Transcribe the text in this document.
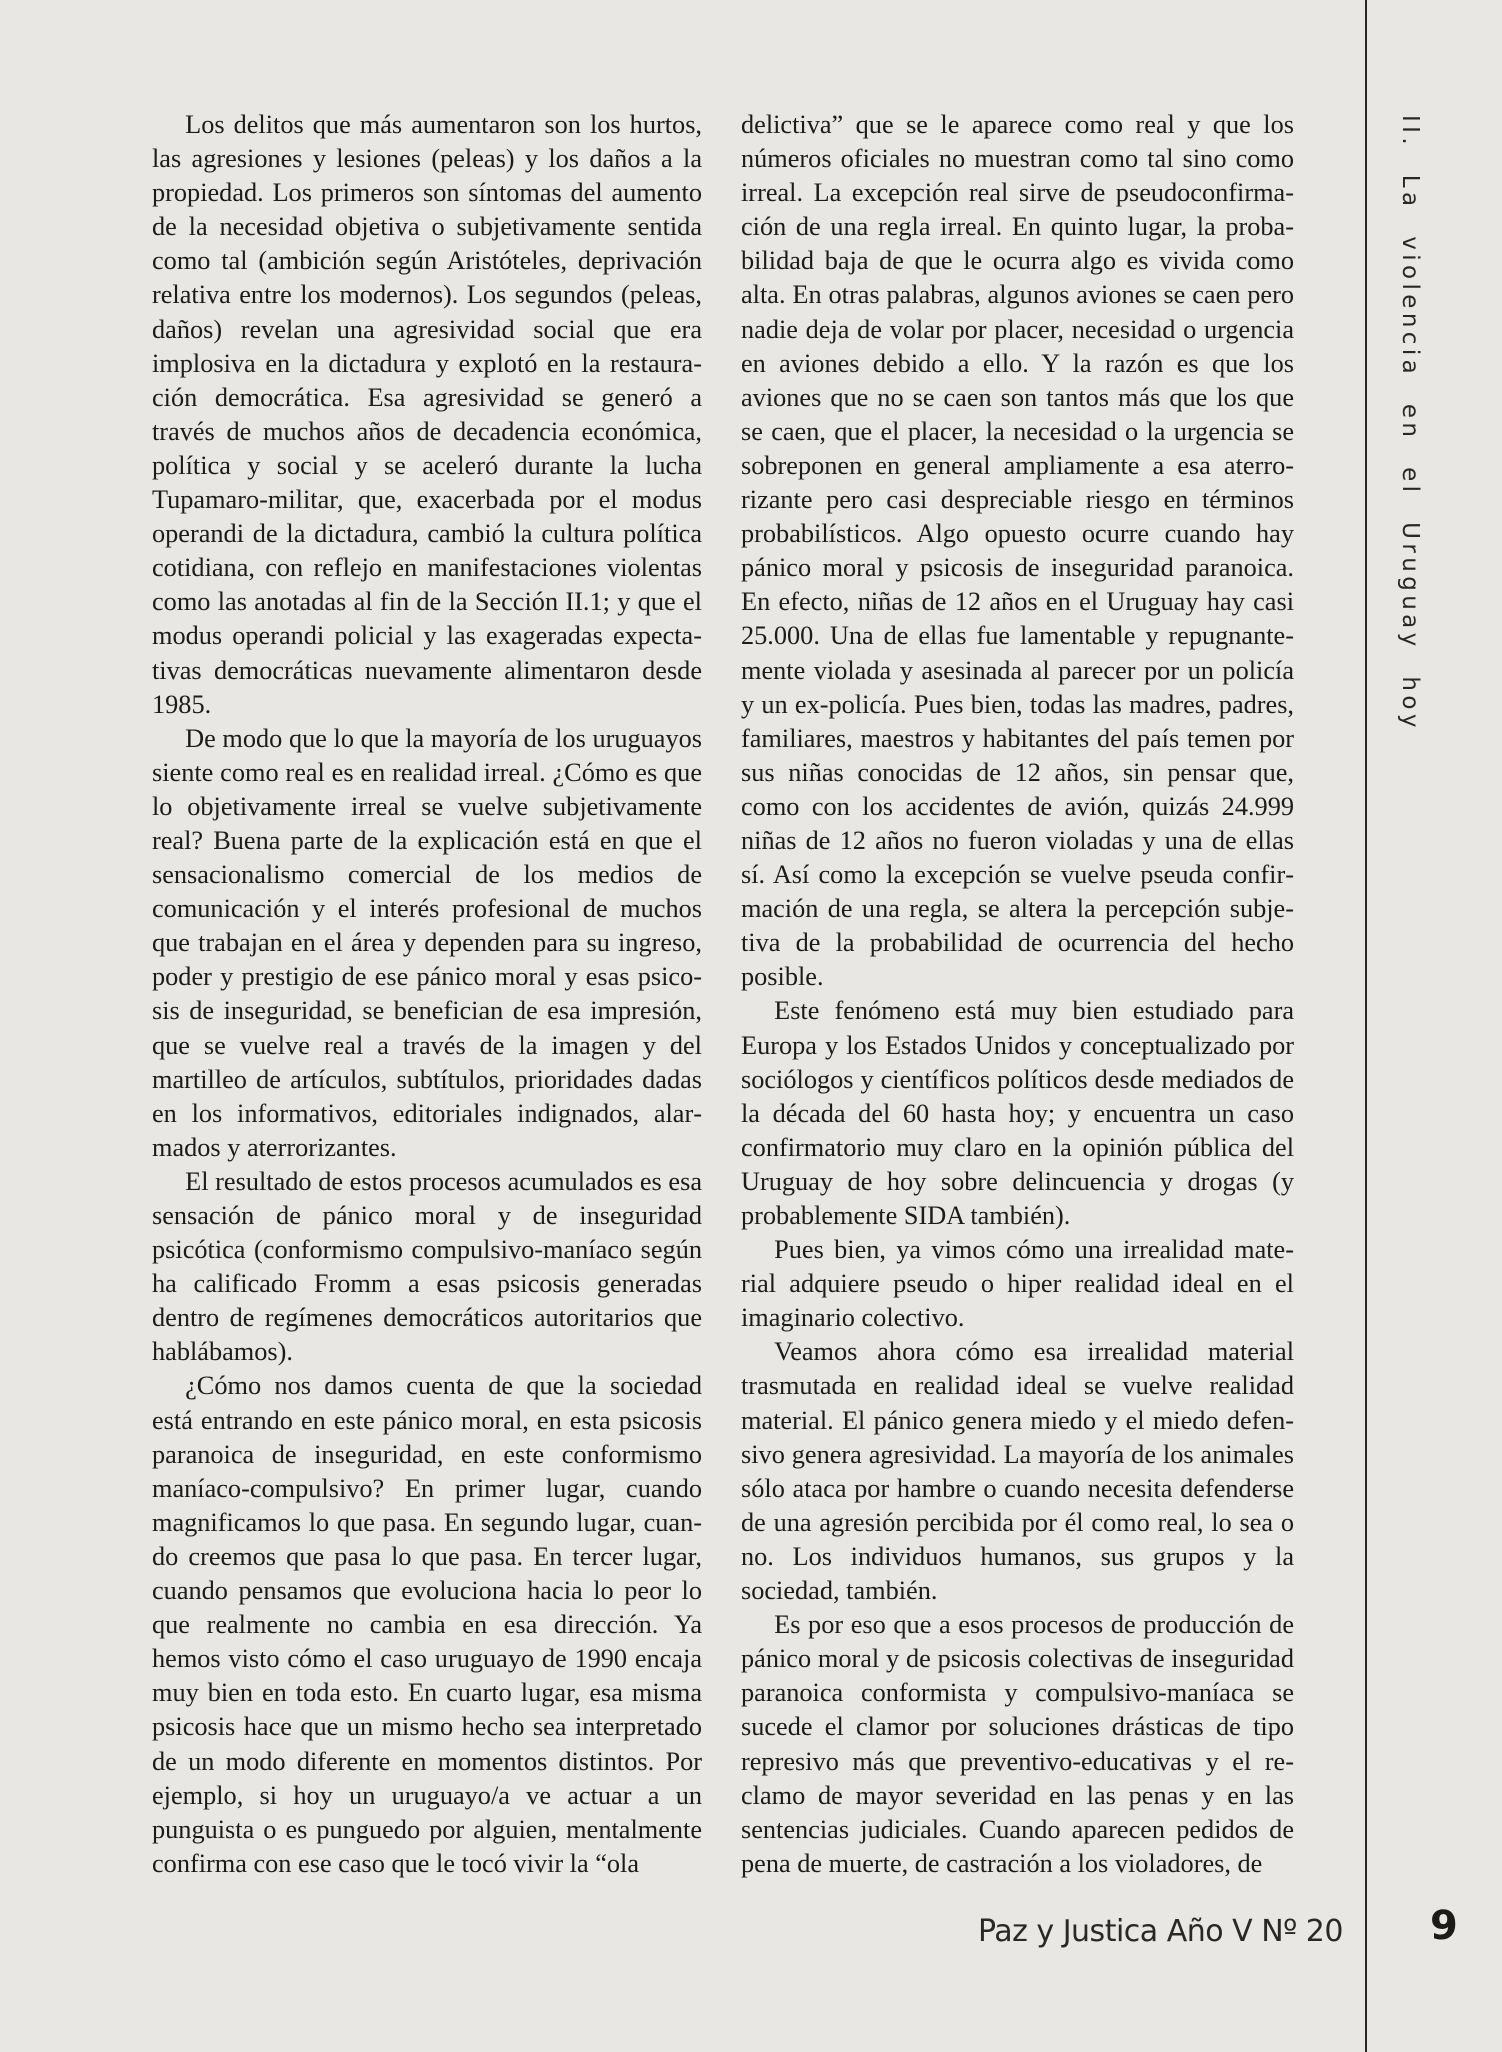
Los delitos que más aumentaron son los hurtos, las agresiones y lesiones (peleas) y los daños a la propiedad. Los primeros son síntomas del aumento de la necesidad objetiva o subjetivamente sentida como tal (ambición según Aristóteles, deprivación relativa entre los modernos). Los segundos (peleas, daños) revelan una agresividad social que era implosiva en la dictadura y explotó en la restauración democrática. Esa agresividad se generó a través de muchos años de decadencia económica, política y social y se aceleró durante la lucha Tupamaro-militar, que, exacerbada por el modus operandi de la dictadura, cambió la cultura política cotidiana, con reflejo en manifestaciones violentas como las anotadas al fin de la Sección II.1; y que el modus operandi policial y las exageradas expectativas democráticas nuevamente alimentaron desde 1985.

De modo que lo que la mayoría de los uruguayos siente como real es en realidad irreal. ¿Cómo es que lo objetivamente irreal se vuelve subjetivamente real? Buena parte de la explicación está en que el sensacionalismo comercial de los medios de comunicación y el interés profesional de muchos que trabajan en el área y dependen para su ingreso, poder y prestigio de ese pánico moral y esas psicosis de inseguridad, se benefician de esa impresión, que se vuelve real a través de la imagen y del martilleo de artículos, subtítulos, prioridades dadas en los informativos, editoriales indignados, alarmados y aterrorizantes.

El resultado de estos procesos acumulados es esa sensación de pánico moral y de inseguridad psicótica (conformismo compulsivo-maníaco según ha calificado Fromm a esas psicosis generadas dentro de regímenes democráticos autoritarios que hablábamos).

¿Cómo nos damos cuenta de que la sociedad está entrando en este pánico moral, en esta psicosis paranoica de inseguridad, en este conformismo maníaco-compulsivo? En primer lugar, cuando magnificamos lo que pasa. En segundo lugar, cuando creemos que pasa lo que pasa. En tercer lugar, cuando pensamos que evoluciona hacia lo peor lo que realmente no cambia en esa dirección. Ya hemos visto cómo el caso uruguayo de 1990 encaja muy bien en toda esto. En cuarto lugar, esa misma psicosis hace que un mismo hecho sea interpretado de un modo diferente en momentos distintos. Por ejemplo, si hoy un uruguayo/a ve actuar a un punguista o es punguedo por alguien, mentalmente confirma con ese caso que le tocó vivir la “ola

delictiva” que se le aparece como real y que los números oficiales no muestran como tal sino como irreal. La excepción real sirve de pseudoconfirmación de una regla irreal. En quinto lugar, la probabilidad baja de que le ocurra algo es vivida como alta. En otras palabras, algunos aviones se caen pero nadie deja de volar por placer, necesidad o urgencia en aviones debido a ello. Y la razón es que los aviones que no se caen son tantos más que los que se caen, que el placer, la necesidad o la urgencia se sobreponen en general ampliamente a esa aterrorizante pero casi despreciable riesgo en términos probabilísticos. Algo opuesto ocurre cuando hay pánico moral y psicosis de inseguridad paranoica. En efecto, niñas de 12 años en el Uruguay hay casi 25.000. Una de ellas fue lamentable y repugnantemente violada y asesinada al parecer por un policía y un ex-policía. Pues bien, todas las madres, padres, familiares, maestros y habitantes del país temen por sus niñas conocidas de 12 años, sin pensar que, como con los accidentes de avión, quizás 24.999 niñas de 12 años no fueron violadas y una de ellas sí. Así como la excepción se vuelve pseuda confirmación de una regla, se altera la percepción subjetiva de la probabilidad de ocurrencia del hecho posible.

Este fenómeno está muy bien estudiado para Europa y los Estados Unidos y conceptualizado por sociólogos y científicos políticos desde mediados de la década del 60 hasta hoy; y encuentra un caso confirmatorio muy claro en la opinión pública del Uruguay de hoy sobre delincuencia y drogas (y probablemente SIDA también).

Pues bien, ya vimos cómo una irrealidad material adquiere pseudo o hiper realidad ideal en el imaginario colectivo.

Veamos ahora cómo esa irrealidad material trasmutada en realidad ideal se vuelve realidad material. El pánico genera miedo y el miedo defensivo genera agresividad. La mayoría de los animales sólo ataca por hambre o cuando necesita defenderse de una agresión percibida por él como real, lo sea o no. Los individuos humanos, sus grupos y la sociedad, también.

Es por eso que a esos procesos de producción de pánico moral y de psicosis colectivas de inseguridad paranoica conformista y compulsivo-maníaca se sucede el clamor por soluciones drásticas de tipo represivo más que preventivo-educativas y el reclamo de mayor severidad en las penas y en las sentencias judiciales. Cuando aparecen pedidos de pena de muerte, de castración a los violadores, de

II. La violencia en el Uruguay hoy
Paz y Justica Año V Nº 20 9
